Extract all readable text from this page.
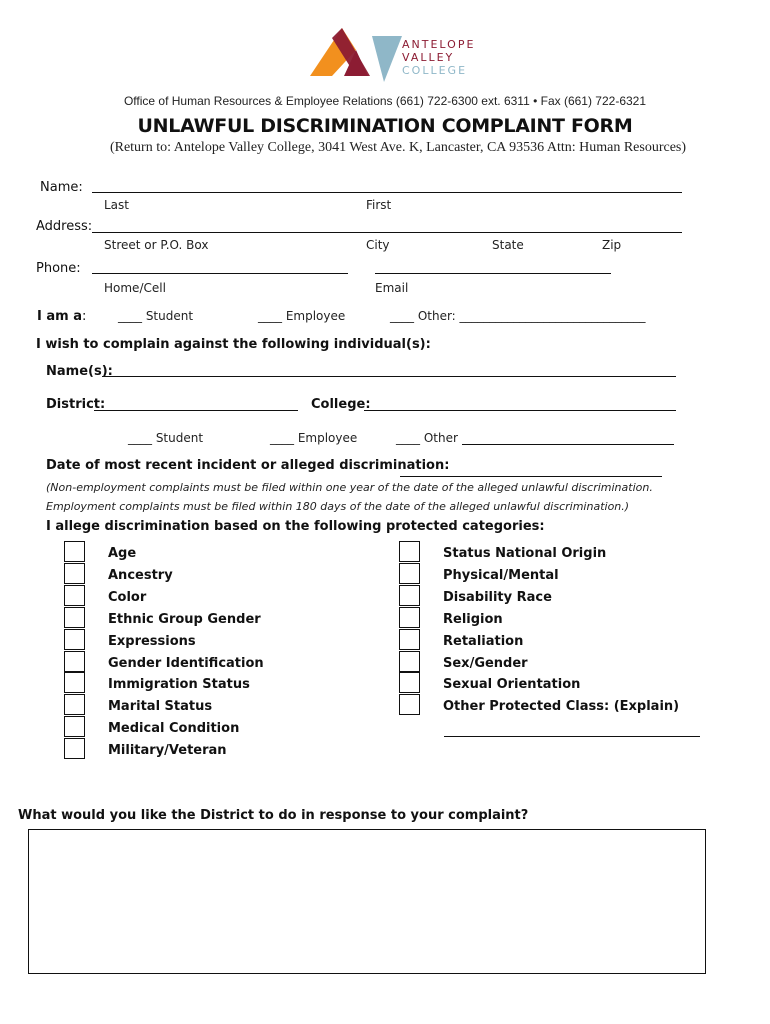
ANTELOPE
VALLEY
COLLEGE
Office of Human Resources & Employee Relations (661) 722-6300 ext. 6311 • Fax (661) 722-6321
UNLAWFUL DISCRIMINATION COMPLAINT FORM
(Return to: Antelope Valley College, 3041 West Ave. K, Lancaster, CA 93536 Attn: Human Resources)
Name:
Last	First
Address:
Street or P.O. Box	City	State	Zip
Phone:
Home/Cell	Email
I am a:	____ Student	____ Employee	____ Other: _______________________________
I wish to complain against the following individual(s):
Name(s):
District:	College:
____ Student	____ Employee	____ Other
Date of most recent incident or alleged discrimination:
(Non-employment complaints must be filed within one year of the date of the alleged unlawful discrimination.
Employment complaints must be filed within 180 days of the date of the alleged unlawful discrimination.)
I allege discrimination based on the following protected categories:
Age
Ancestry
Color
Ethnic Group Gender
Expressions
Gender Identification
Immigration Status
Marital Status
Medical Condition
Military/Veteran
Status National Origin
Physical/Mental
Disability Race
Religion
Retaliation
Sex/Gender
Sexual Orientation
Other Protected Class: (Explain)
What would you like the District to do in response to your complaint?
